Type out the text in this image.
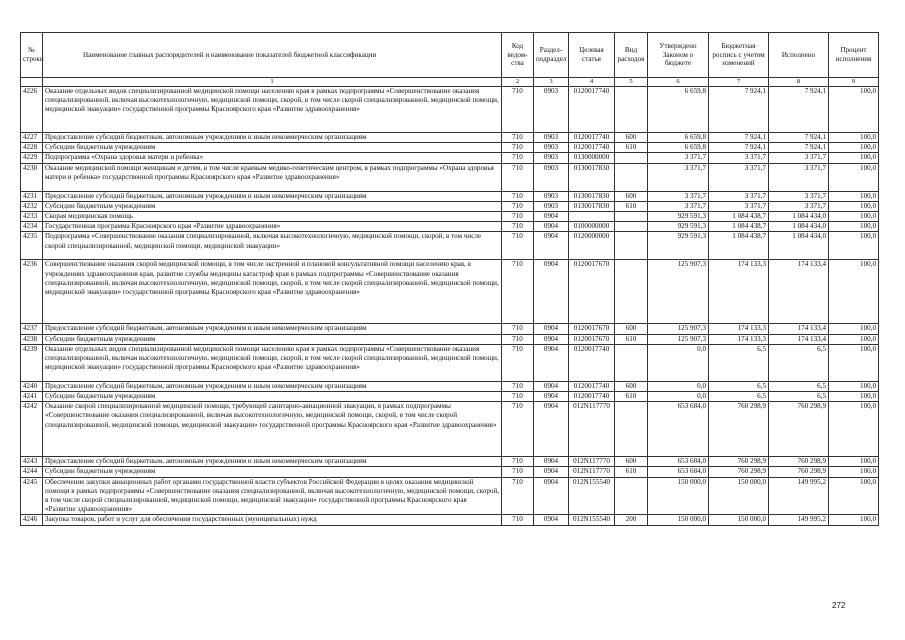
№ строки	Наименование главных распорядителей и наименование показателей бюджетной классификации	Код ведом-ства	Раздел-подраздел	Целевая статья	Вид расходов	Утверждено Законом о бюджете	Бюджетная роспись с учетом изменений	Исполнено	Процент исполнения
	1	2	3	4	5	6	7	8	9
4226	Оказание отдельных видов специализированной медицинской помощи населению края в рамках подпрограммы «Совершенствование оказания специализированной, включая высокотехнологичную, медицинской помощи, скорой, в том числе скорой специализированной, медицинской помощи, медицинской эвакуации» государственной программы Красноярского края «Развитие здравоохранения»	710	0903	0120017740		6 659,8	7 924,1	7 924,1	100,0
4227	Предоставление субсидий бюджетным, автономным учреждениям и иным некоммерческим организациям	710	0903	0120017740	600	6 659,8	7 924,1	7 924,1	100,0
4228	Субсидии бюджетным учреждениям	710	0903	0120017740	610	6 659,8	7 924,1	7 924,1	100,0
4229	Подпрограмма «Охрана здоровья матери и ребенка»	710	0903	0130000000		3 371,7	3 371,7	3 371,7	100,0
4230	Оказание медицинской помощи женщинам и детям, в том числе краевым медико-генетическим центром, в рамках подпрограммы «Охрана здоровья матери и ребенка» государственной программы Красноярского края «Развитие здравоохранения»	710	0903	0130017830		3 371,7	3 371,7	3 371,7	100,0
4231	Предоставление субсидий бюджетным, автономным учреждениям и иным некоммерческим организациям	710	0903	0130017830	600	3 371,7	3 371,7	3 371,7	100,0
4232	Субсидии бюджетным учреждениям	710	0903	0130017830	610	3 371,7	3 371,7	3 371,7	100,0
4233	Скорая медицинская помощь	710	0904			929 591,3	1 084 438,7	1 084 434,0	100,0
4234	Государственная программа Красноярского края «Развитие здравоохранения»	710	0904	0100000000		929 591,3	1 084 438,7	1 084 434,0	100,0
4235	Подпрограмма «Совершенствование оказания специализированной, включая высокотехнологичную, медицинской помощи, скорой, в том числе скорой специализированной, медицинской помощи, медицинской эвакуации»	710	0904	0120000000		929 591,3	1 084 438,7	1 084 434,0	100,0
4236	Совершенствование оказания скорой медицинской помощи, в том числе экстренной и плановой консультативной помощи населению края, в учреждениях здравоохранения края, развитие службы медицины катастроф края в рамках подпрограммы «Совершенствование оказания специализированной, включая высокотехнологичную, медицинской помощи, скорой, в том числе скорой специализированной, медицинской помощи, медицинской эвакуации» государственной программы Красноярского края «Развитие здравоохранения»	710	0904	0120017670		125 907,3	174 133,3	174 133,4	100,0
4237	Предоставление субсидий бюджетным, автономным учреждениям и иным некоммерческим организациям	710	0904	0120017670	600	125 907,3	174 133,3	174 133,4	100,0
4238	Субсидии бюджетным учреждениям	710	0904	0120017670	610	125 907,3	174 133,3	174 133,4	100,0
4239	Оказание отдельных видов специализированной медицинской помощи населению края в рамках подпрограммы «Совершенствование оказания специализированной, включая высокотехнологичную, медицинской помощи, скорой, в том числе скорой специализированной, медицинской помощи, медицинской эвакуации» государственной программы Красноярского края «Развитие здравоохранения»	710	0904	0120017740		0,0	6,5	6,5	100,0
4240	Предоставление субсидий бюджетным, автономным учреждениям и иным некоммерческим организациям	710	0904	0120017740	600	0,0	6,5	6,5	100,0
4241	Субсидии бюджетным учреждениям	710	0904	0120017740	610	0,0	6,5	6,5	100,0
4242	Оказание скорой специализированной медицинской помощи, требующей санитарно-авиационной эвакуации, в рамках подпрограммы «Совершенствование оказания специализированной, включая высокотехнологичную, медицинской помощи, скорой, в том числе скорой специализированной, медицинской помощи, медицинской эвакуации» государственной программы Красноярского края «Развитие здравоохранения»	710	0904	012N117770		653 684,0	760 298,9	760 298,9	100,0
4243	Предоставление субсидий бюджетным, автономным учреждениям и иным некоммерческим организациям	710	0904	012N117770	600	653 684,0	760 298,9	760 298,9	100,0
4244	Субсидии бюджетным учреждениям	710	0904	012N117770	610	653 684,0	760 298,9	760 298,9	100,0
4245	Обеспечение закупки авиационных работ органами государственной власти субъектов Российской Федерации в целях оказания медицинской помощи в рамках подпрограммы «Совершенствование оказания специализированной, включая высокотехнологичную, медицинской помощи, скорой, в том числе скорой специализированной, медицинской помощи, медицинской эвакуации» государственной программы Красноярского края «Развитие здравоохранения»	710	0904	012N155540		150 000,0	150 000,0	149 995,2	100,0
4246	Закупка товаров, работ и услуг для обеспечения государственных (муниципальных) нужд	710	0904	012N155540	200	150 000,0	150 000,0	149 995,2	100,0
272
